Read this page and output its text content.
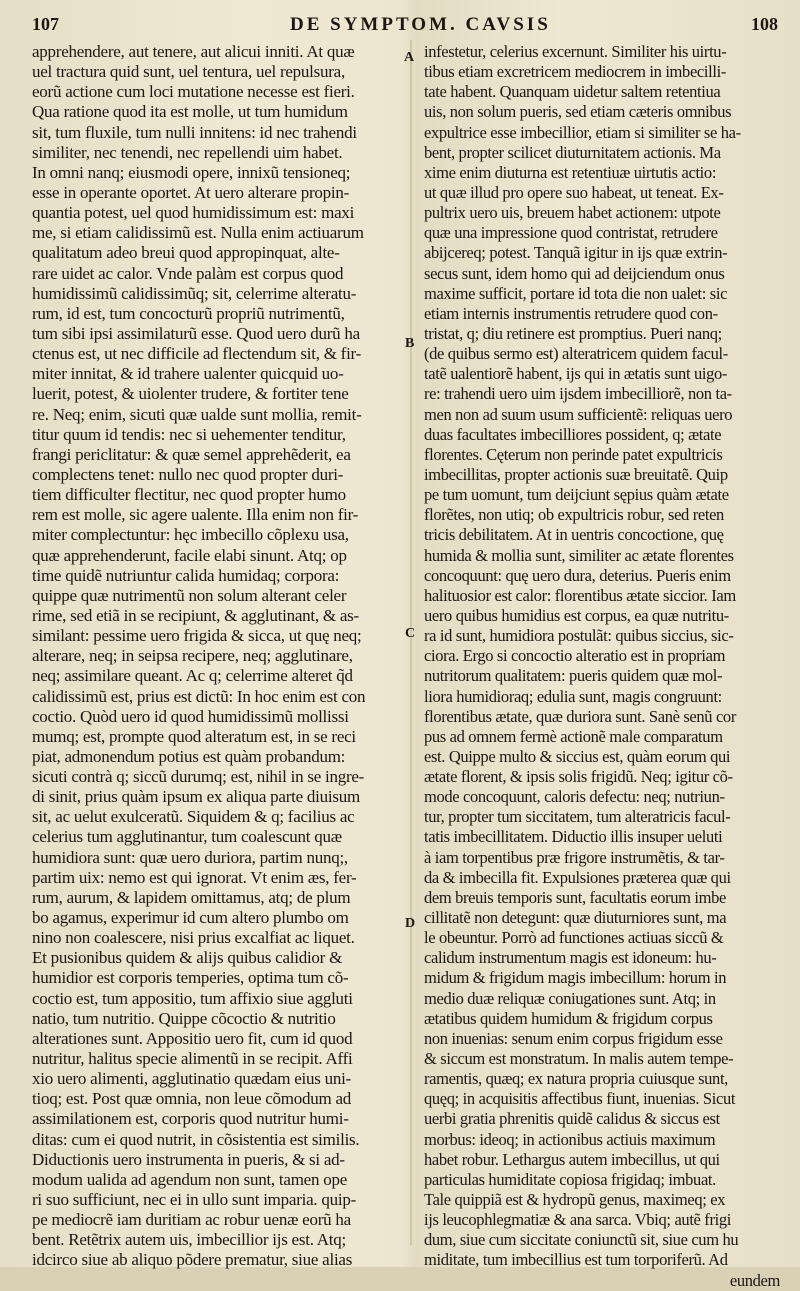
107	DE SYMPTOM. CAVSIS	108
A
B
C
D
apprehendere, aut tenere, aut alicui inniti. At quæ
uel tractura quid sunt, uel tentura, uel repulsura,
eorũ actione cum loci mutatione necesse est fieri.
Qua ratione quod ita est molle, ut tum humidum
sit, tum fluxile, tum nulli innitens: id nec trahendi
similiter, nec tenendi, nec repellendi uim habet.
In omni nanq; eiusmodi opere, innixũ tensioneq;
esse in operante oportet. At uero alterare propin-
quantia potest, uel quod humidissimum est: maxi
me, si etiam calidissimũ est. Nulla enim actiuarum
qualitatum adeo breui quod appropinquat, alte-
rare uidet ac calor. Vnde palàm est corpus quod
humidissimũ calidissimũq; sit, celerrime alteratu-
rum, id est, tum concocturũ propriũ nutrimentũ,
tum sibi ipsi assimilaturũ esse. Quod uero durũ ha
ctenus est, ut nec difficile ad flectendum sit, & fir-
miter innitat, & id trahere ualenter quicquid uo-
luerit, potest, & uiolenter trudere, & fortiter tene
re. Neq; enim, sicuti quæ ualde sunt mollia, remit-
titur quum id tendis: nec si uehementer tenditur,
frangi periclitatur: & quæ semel apprehẽderit, ea
complectens tenet: nullo nec quod propter duri-
tiem difficulter flectitur, nec quod propter humo
rem est molle, sic agere ualente. Illa enim non fir-
miter complectuntur: hęc imbecillo cõplexu usa,
quæ apprehenderunt, facile elabi sinunt. Atq; op
time quidẽ nutriuntur calida humidaq; corpora:
quippe quæ nutrimentũ non solum alterant celer
rime, sed etiã in se recipiunt, & agglutinant, & as-
similant: pessime uero frigida & sicca, ut quę neq;
alterare, neq; in seipsa recipere, neq; agglutinare,
neq; assimilare queant. Ac q; celerrime alteret q̃d
calidissimũ est, prius est dictũ: In hoc enim est con
coctio. Quòd uero id quod humidissimũ mollissi
mumq; est, prompte quod alteratum est, in se reci
piat, admonendum potius est quàm probandum:
sicuti contrà q; siccũ durumq; est, nihil in se ingre-
di sinit, prius quàm ipsum ex aliqua parte diuisum
sit, ac uelut exulceratũ. Siquidem & q; facilius ac
celerius tum agglutinantur, tum coalescunt quæ
humidiora sunt: quæ uero duriora, partim nunq;,
partim uix: nemo est qui ignorat. Vt enim æs, fer-
rum, aurum, & lapidem omittamus, atq; de plum
bo agamus, experimur id cum altero plumbo om
nino non coalescere, nisi prius excalfiat ac liquet.
Et pusionibus quidem & alijs quibus calidior &
humidior est corporis temperies, optima tum cõ-
coctio est, tum appositio, tum affixio siue aggluti
natio, tum nutritio. Quippe cõcoctio & nutritio
alterationes sunt. Appositio uero fit, cum id quod
nutritur, halitus specie alimentũ in se recipit. Affi
xio uero alimenti, agglutinatio quædam eius uni-
tioq; est. Post quæ omnia, non leue cõmodum ad
assimilationem est, corporis quod nutritur humi-
ditas: cum ei quod nutrit, in cõsistentia est similis.
Diductionis uero instrumenta in pueris, & si ad-
modum ualida ad agendum non sunt, tamen ope
ri suo sufficiunt, nec ei in ullo sunt imparia. quip-
pe mediocrẽ iam duritiam ac robur uenæ eorũ ha
bent. Retẽtrix autem uis, imbecillior ijs est. Atq;
idcirco siue ab aliquo põdere prematur, siue alias
infestetur, celerius excernunt. Similiter his uirtu-
tibus etiam excretricem mediocrem in imbecilli-
tate habent. Quanquam uidetur saltem retentiua
uis, non solum pueris, sed etiam cæteris omnibus
expultrice esse imbecillior, etiam si similiter se ha-
bent, propter scilicet diuturnitatem actionis. Ma
xime enim diuturna est retentiuæ uirtutis actio:
ut quæ illud pro opere suo habeat, ut teneat. Ex-
pultrix uero uis, breuem habet actionem: utpote
quæ una impressione quod contristat, retrudere
abijcereq; potest. Tanquã igitur in ijs quæ extrin-
secus sunt, idem homo qui ad deijciendum onus
maxime sufficit, portare id tota die non ualet: sic
etiam internis instrumentis retrudere quod con-
tristat, q; diu retinere est promptius. Pueri nanq;
(de quibus sermo est) alteratricem quidem facul-
tatẽ ualentiorẽ habent, ijs qui in ætatis sunt uigo-
re: trahendi uero uim ijsdem imbecilliorẽ, non ta-
men non ad suum usum sufficientẽ: reliquas uero
duas facultates imbecilliores possident, q; ætate
florentes. Cęterum non perinde patet expultricis
imbecillitas, propter actionis suæ breuitatẽ. Quip
pe tum uomunt, tum deijciunt sępius quàm ætate
florẽtes, non utiq; ob expultricis robur, sed reten
tricis debilitatem. At in uentris concoctione, quę
humida & mollia sunt, similiter ac ætate florentes
concoquunt: quę uero dura, deterius. Pueris enim
halituosior est calor: florentibus ætate siccior. Iam
uero quibus humidius est corpus, ea quæ nutritu-
ra id sunt, humidiora postulãt: quibus siccius, sic-
ciora. Ergo si concoctio alteratio est in propriam
nutritorum qualitatem: pueris quidem quæ mol-
liora humidioraq; edulia sunt, magis congruunt:
florentibus ætate, quæ duriora sunt. Sanè senũ cor
pus ad omnem fermè actionẽ male comparatum
est. Quippe multo & siccius est, quàm eorum qui
ætate florent, & ipsis solis frigidũ. Neq; igitur cõ-
mode concoquunt, caloris defectu: neq; nutriun-
tur, propter tum siccitatem, tum alteratricis facul-
tatis imbecillitatem. Diductio illis insuper ueluti
à iam torpentibus præ frigore instrumẽtis, & tar-
da & imbecilla fit. Expulsiones præterea quæ qui
dem breuis temporis sunt, facultatis eorum imbe
cillitatẽ non detegunt: quæ diuturniores sunt, ma
le obeuntur. Porrò ad functiones actiuas siccũ &
calidum instrumentum magis est idoneum: hu-
midum & frigidum magis imbecillum: horum in
medio duæ reliquæ coniugationes sunt. Atq; in
ætatibus quidem humidum & frigidum corpus
non inuenias: senum enim corpus frigidum esse
& siccum est monstratum. In malis autem tempe-
ramentis, quæq; ex natura propria cuiusque sunt,
quęq; in acquisitis affectibus fiunt, inuenias. Sicut
uerbi gratia phrenitis quidẽ calidus & siccus est
morbus: ideoq; in actionibus actiuis maximum
habet robur. Lethargus autem imbecillus, ut qui
particulas humiditate copiosa frigidaq; imbuat.
Tale quippiã est & hydropũ genus, maximeq; ex
ijs leucophlegmatiæ & ana sarca. Vbiq; autẽ frigi
dum, siue cum siccitate coniunctũ sit, siue cum hu
miditate, tum imbecillius est tum torporiferũ. Ad
eundem
